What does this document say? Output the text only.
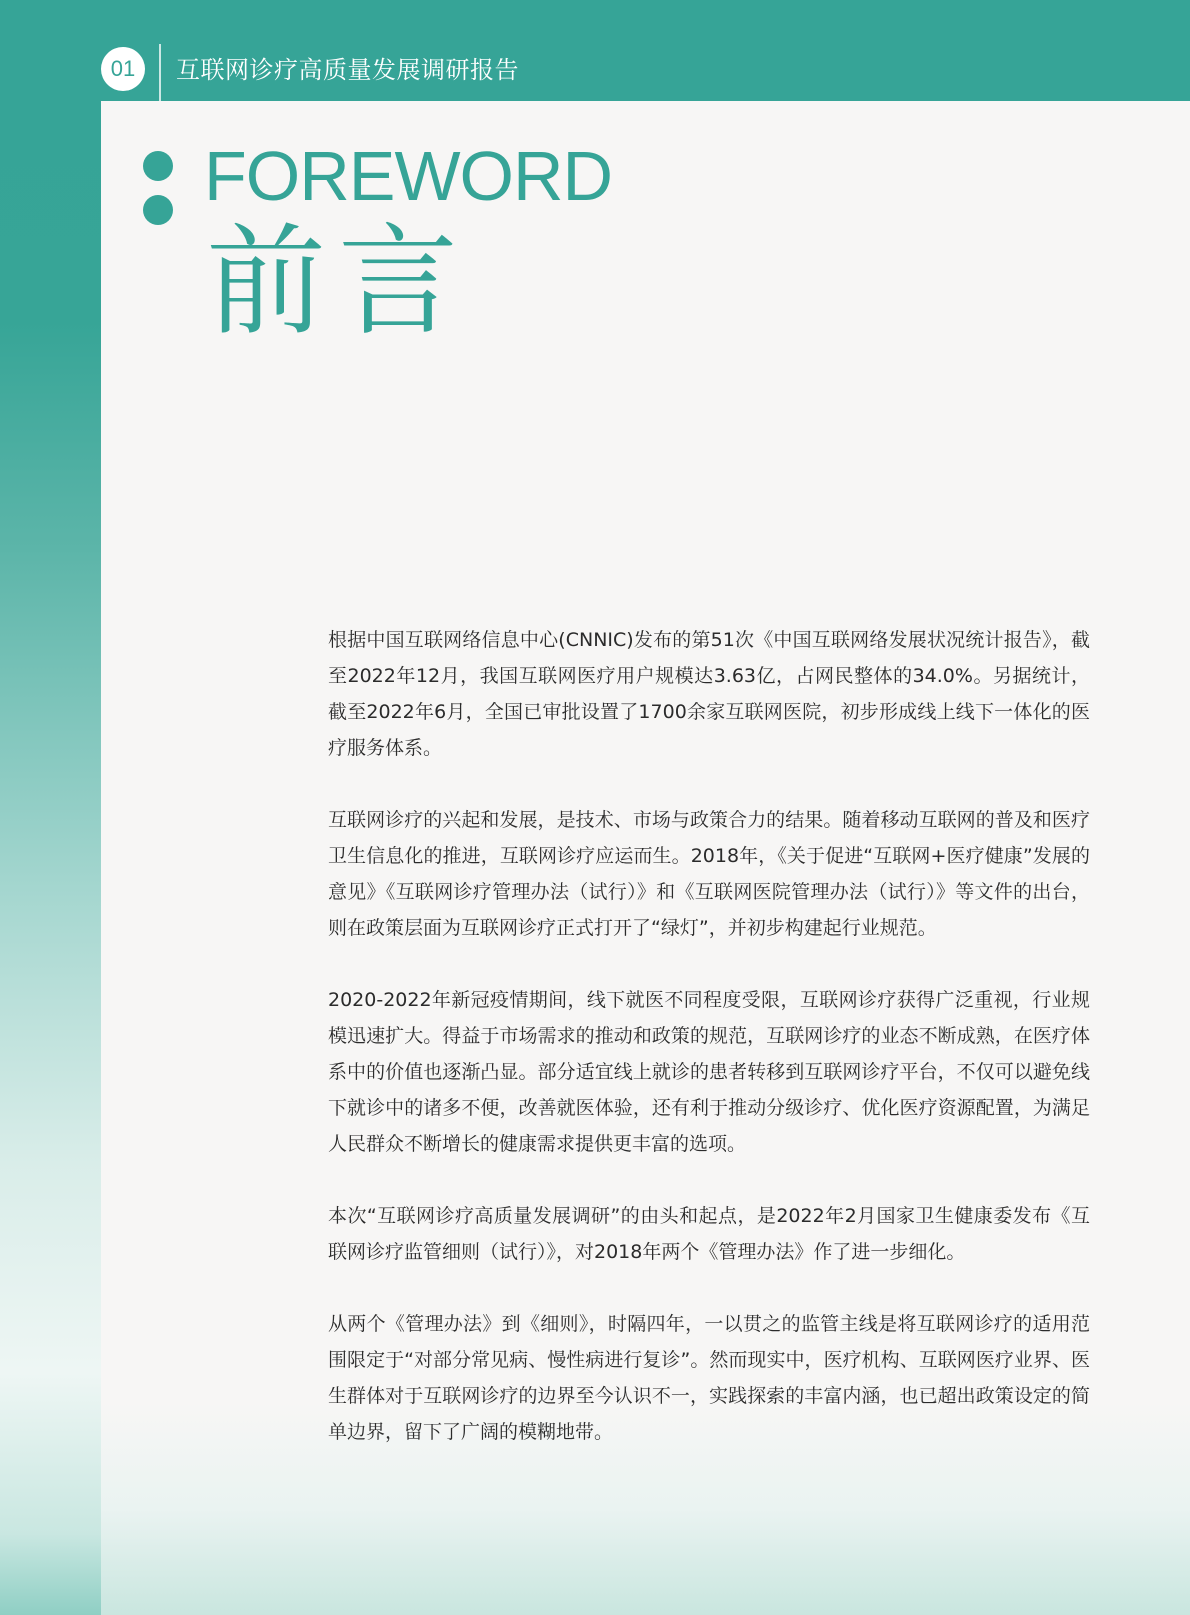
01	互联网诊疗高质量发展调研报告
FOREWORD
前言

根据中国互联网络信息中心(CNNIC)发布的第51次《中国互联网络发展状况统计报告》，截至2022年12月，我国互联网医疗用户规模达3.63亿，占网民整体的34.0%。另据统计，截至2022年6月，全国已审批设置了1700余家互联网医院，初步形成线上线下一体化的医疗服务体系。

互联网诊疗的兴起和发展，是技术、市场与政策合力的结果。随着移动互联网的普及和医疗卫生信息化的推进，互联网诊疗应运而生。2018年，《关于促进“互联网+医疗健康”发展的意见》《互联网诊疗管理办法（试行）》和《互联网医院管理办法（试行）》等文件的出台，则在政策层面为互联网诊疗正式打开了“绿灯”，并初步构建起行业规范。

2020-2022年新冠疫情期间，线下就医不同程度受限，互联网诊疗获得广泛重视，行业规模迅速扩大。得益于市场需求的推动和政策的规范，互联网诊疗的业态不断成熟，在医疗体系中的价值也逐渐凸显。部分适宜线上就诊的患者转移到互联网诊疗平台，不仅可以避免线下就诊中的诸多不便，改善就医体验，还有利于推动分级诊疗、优化医疗资源配置，为满足人民群众不断增长的健康需求提供更丰富的选项。

本次“互联网诊疗高质量发展调研”的由头和起点，是2022年2月国家卫生健康委发布《互联网诊疗监管细则（试行）》，对2018年两个《管理办法》作了进一步细化。

从两个《管理办法》到《细则》，时隔四年，一以贯之的监管主线是将互联网诊疗的适用范围限定于“对部分常见病、慢性病进行复诊”。然而现实中，医疗机构、互联网医疗业界、医生群体对于互联网诊疗的边界至今认识不一，实践探索的丰富内涵，也已超出政策设定的简单边界，留下了广阔的模糊地带。
